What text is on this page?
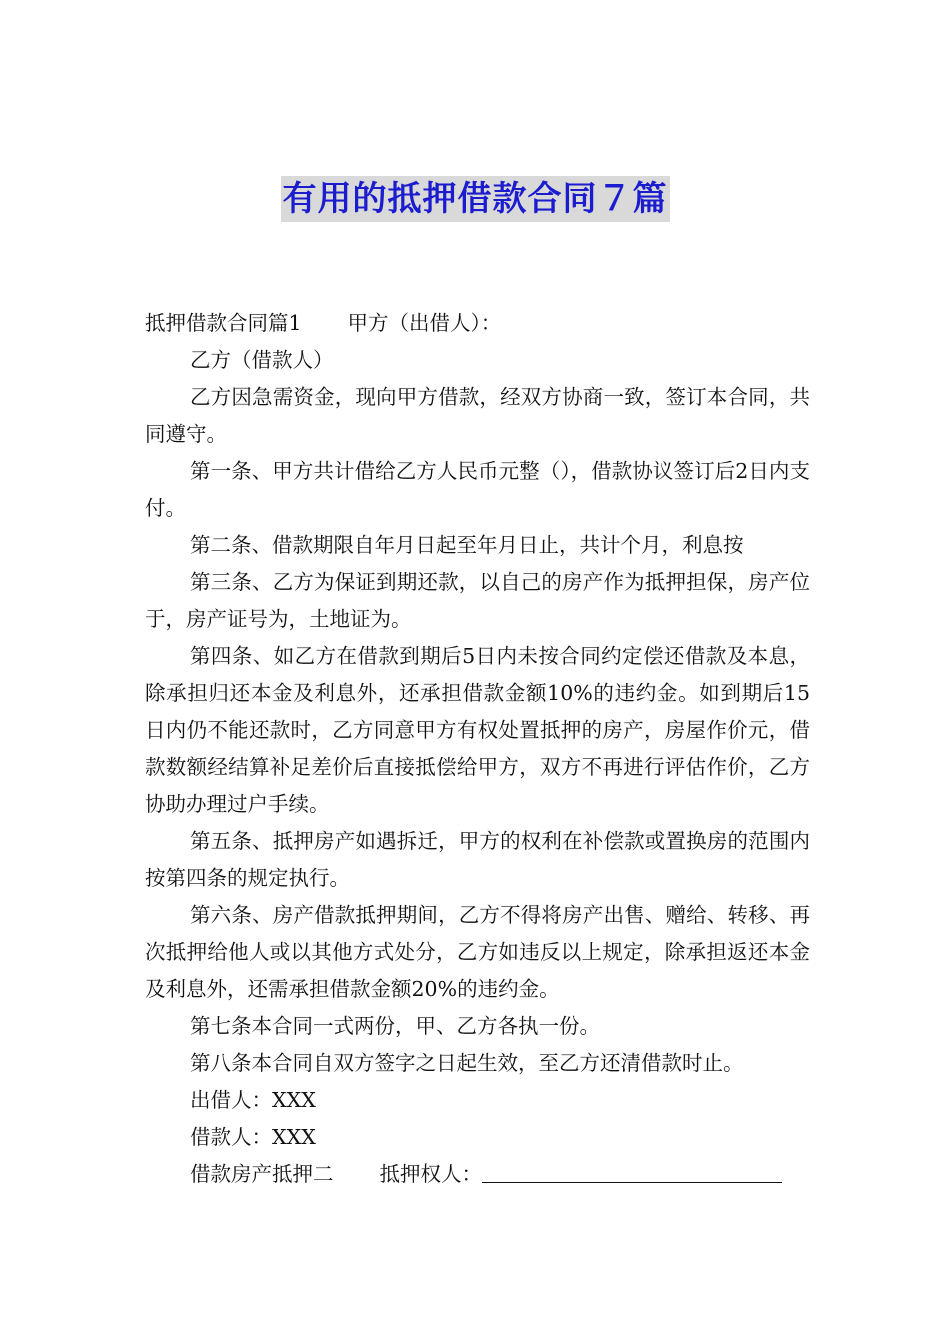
有用的抵押借款合同７篇

抵押借款合同篇1 甲方（出借人）：

乙方（借款人）

乙方因急需资金，现向甲方借款，经双方协商一致，签订本合同，共同遵守。

第一条、甲方共计借给乙方人民币元整（），借款协议签订后2日内支付。

第二条、借款期限自年月日起至年月日止，共计个月，利息按

第三条、乙方为保证到期还款，以自己的房产作为抵押担保，房产位于，房产证号为，土地证为。

第四条、如乙方在借款到期后5日内未按合同约定偿还借款及本息，除承担归还本金及利息外，还承担借款金额10%的违约金。如到期后15日内仍不能还款时，乙方同意甲方有权处置抵押的房产，房屋作价元，借款数额经结算补足差价后直接抵偿给甲方，双方不再进行评估作价，乙方协助办理过户手续。

第五条、抵押房产如遇拆迁，甲方的权利在补偿款或置换房的范围内按第四条的规定执行。

第六条、房产借款抵押期间，乙方不得将房产出售、赠给、转移、再次抵押给他人或以其他方式处分，乙方如违反以上规定，除承担返还本金及利息外，还需承担借款金额20%的违约金。

第七条本合同一式两份，甲、乙方各执一份。

第八条本合同自双方签字之日起生效，至乙方还清借款时止。

出借人：XXX

借款人：XXX

借款房产抵押二 抵押权人：
